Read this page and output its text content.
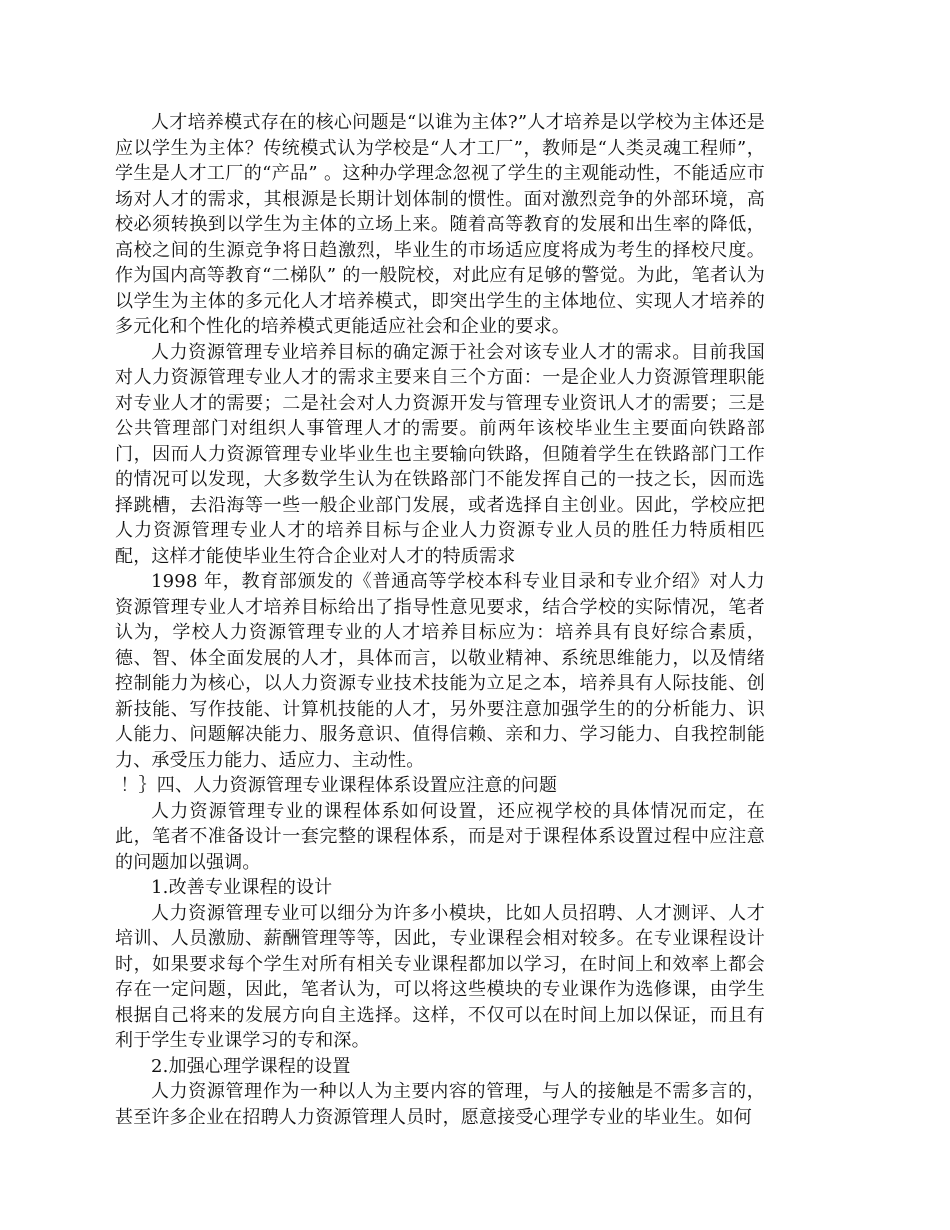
人才培养模式存在的核心问题是“以谁为主体?”人才培养是以学校为主体还是应以学生为主体？传统模式认为学校是“人才工厂”，教师是“人类灵魂工程师”，学生是人才工厂的“产品” 。这种办学理念忽视了学生的主观能动性，不能适应市场对人才的需求，其根源是长期计划体制的惯性。面对激烈竞争的外部环境，高校必须转换到以学生为主体的立场上来。随着高等教育的发展和出生率的降低，高校之间的生源竞争将日趋激烈，毕业生的市场适应度将成为考生的择校尺度。作为国内高等教育“二梯队” 的一般院校，对此应有足够的警觉。为此，笔者认为以学生为主体的多元化人才培养模式，即突出学生的主体地位、实现人才培养的多元化和个性化的培养模式更能适应社会和企业的要求。

人力资源管理专业培养目标的确定源于社会对该专业人才的需求。目前我国对人力资源管理专业人才的需求主要来自三个方面：一是企业人力资源管理职能对专业人才的需要；二是社会对人力资源开发与管理专业资讯人才的需要；三是公共管理部门对组织人事管理人才的需要。前两年该校毕业生主要面向铁路部门，因而人力资源管理专业毕业生也主要输向铁路，但随着学生在铁路部门工作的情况可以发现，大多数学生认为在铁路部门不能发挥自己的一技之长，因而选择跳槽，去沿海等一些一般企业部门发展，或者选择自主创业。因此，学校应把人力资源管理专业人才的培养目标与企业人力资源专业人员的胜任力特质相匹配，这样才能使毕业生符合企业对人才的特质需求

1998 年，教育部颁发的《普通高等学校本科专业目录和专业介绍》对人力资源管理专业人才培养目标给出了指导性意见要求，结合学校的实际情况，笔者认为，学校人力资源管理专业的人才培养目标应为：培养具有良好综合素质，德、智、体全面发展的人才，具体而言，以敬业精神、系统思维能力，以及情绪控制能力为核心，以人力资源专业技术技能为立足之本，培养具有人际技能、创新技能、写作技能、计算机技能的人才，另外要注意加强学生的的分析能力、识人能力、问题解决能力、服务意识、值得信赖、亲和力、学习能力、自我控制能力、承受压力能力、适应力、主动性。

！｝四、人力资源管理专业课程体系设置应注意的问题

人力资源管理专业的课程体系如何设置，还应视学校的具体情况而定，在此，笔者不准备设计一套完整的课程体系，而是对于课程体系设置过程中应注意的问题加以强调。

1.改善专业课程的设计

人力资源管理专业可以细分为许多小模块，比如人员招聘、人才测评、人才培训、人员激励、薪酬管理等等，因此，专业课程会相对较多。在专业课程设计时，如果要求每个学生对所有相关专业课程都加以学习，在时间上和效率上都会存在一定问题，因此，笔者认为，可以将这些模块的专业课作为选修课，由学生根据自己将来的发展方向自主选择。这样，不仅可以在时间上加以保证，而且有利于学生专业课学习的专和深。

2.加强心理学课程的设置

人力资源管理作为一种以人为主要内容的管理，与人的接触是不需多言的，甚至许多企业在招聘人力资源管理人员时，愿意接受心理学专业的毕业生。如何
